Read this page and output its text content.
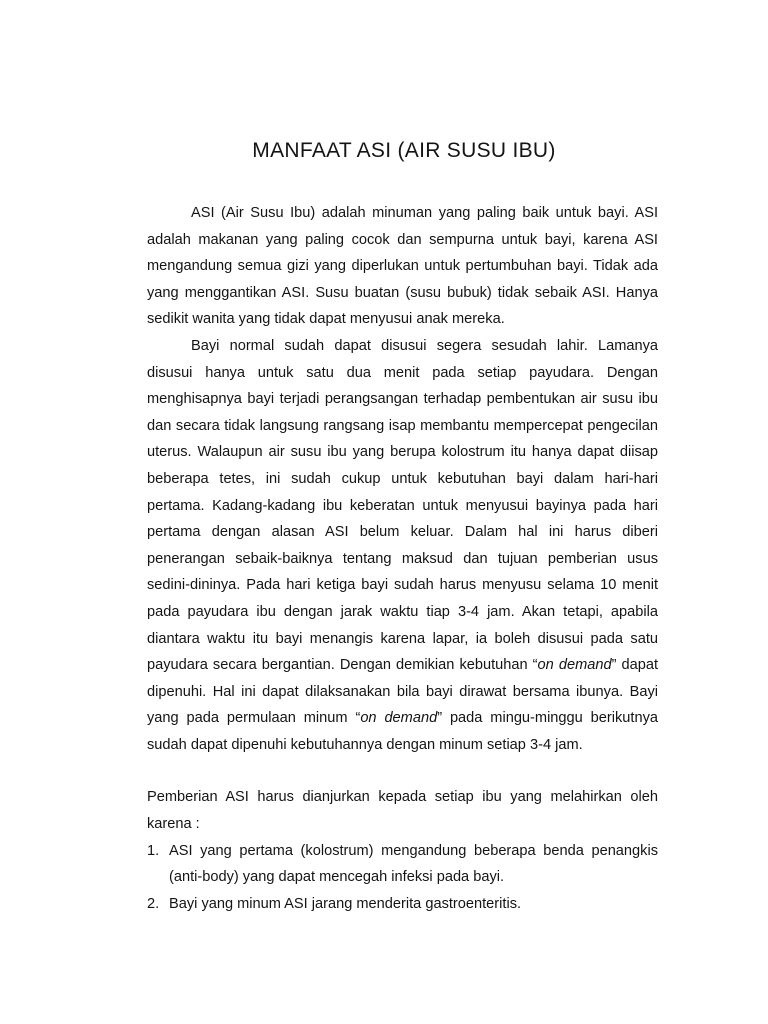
MANFAAT ASI (AIR SUSU IBU)

ASI (Air Susu Ibu) adalah minuman yang paling baik untuk bayi. ASI adalah makanan yang paling cocok dan sempurna untuk bayi, karena ASI mengandung semua gizi yang diperlukan untuk pertumbuhan bayi. Tidak ada yang menggantikan ASI. Susu buatan (susu bubuk) tidak sebaik ASI. Hanya sedikit wanita yang tidak dapat menyusui anak mereka.

Bayi normal sudah dapat disusui segera sesudah lahir. Lamanya disusui hanya untuk satu dua menit pada setiap payudara. Dengan menghisapnya bayi terjadi perangsangan terhadap pembentukan air susu ibu dan secara tidak langsung rangsang isap membantu mempercepat pengecilan uterus. Walaupun air susu ibu yang berupa kolostrum itu hanya dapat diisap beberapa tetes, ini sudah cukup untuk kebutuhan bayi dalam hari-hari pertama. Kadang-kadang ibu keberatan untuk menyusui bayinya pada hari pertama dengan alasan ASI belum keluar. Dalam hal ini harus diberi penerangan sebaik-baiknya tentang maksud dan tujuan pemberian usus sedini-dininya. Pada hari ketiga bayi sudah harus menyusu selama 10 menit pada payudara ibu dengan jarak waktu tiap 3-4 jam. Akan tetapi, apabila diantara waktu itu bayi menangis karena lapar, ia boleh disusui pada satu payudara secara bergantian. Dengan demikian kebutuhan “on demand” dapat dipenuhi. Hal ini dapat dilaksanakan bila bayi dirawat bersama ibunya. Bayi yang pada permulaan minum “on demand” pada mingu-minggu berikutnya sudah dapat dipenuhi kebutuhannya dengan minum setiap 3-4 jam.

Pemberian ASI harus dianjurkan kepada setiap ibu yang melahirkan oleh karena :

1. ASI yang pertama (kolostrum) mengandung beberapa benda penangkis (anti-body) yang dapat mencegah infeksi pada bayi.
2. Bayi yang minum ASI jarang menderita gastroenteritis.
